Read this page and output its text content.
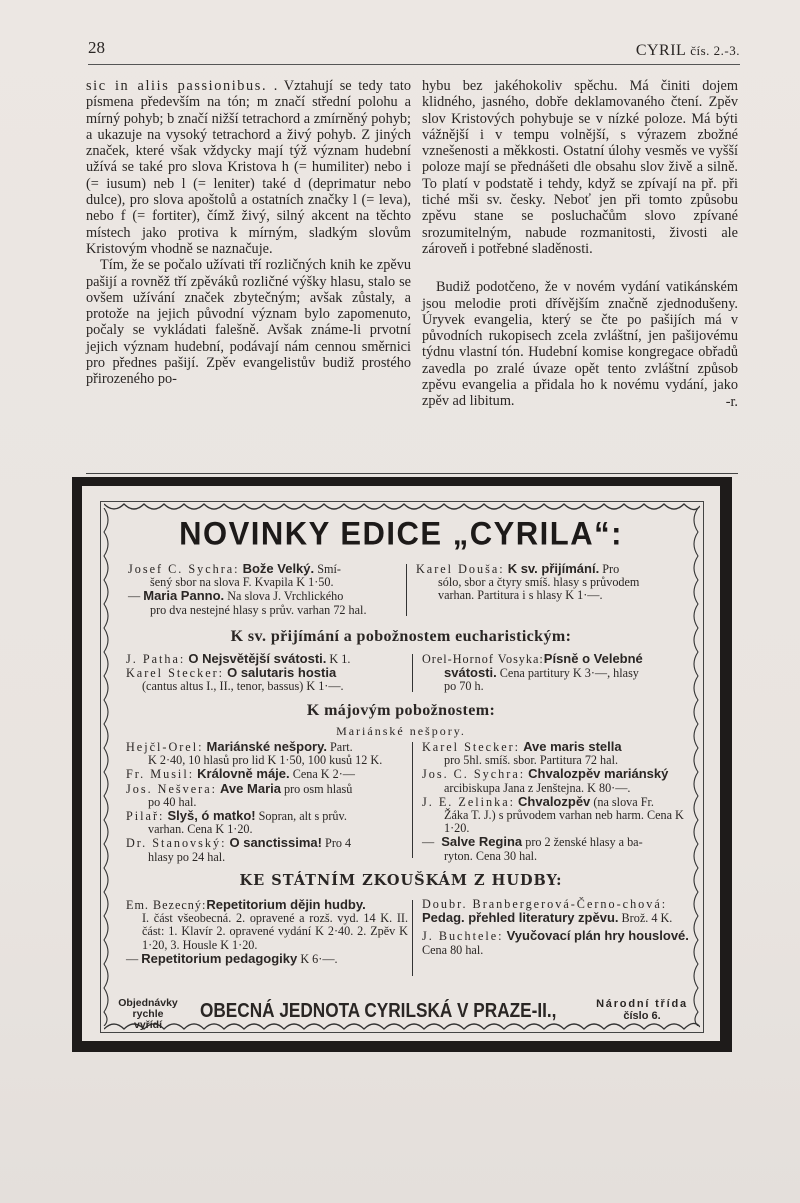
28	CYRIL čís. 2.-3.

sic in aliis passionibus. . Vztahují se tedy tato písmena především na tón; m značí střední polohu a mírný pohyb; b značí nižší tetrachord a zmírněný pohyb; a ukazuje na vysoký tetrachord a živý pohyb. Z jiných značek, které však vždycky mají týž význam hudební užívá se také pro slova Kristova h (= humiliter) nebo i (= iusum) neb l (= leniter) také d (deprimatur nebo dulce), pro slova apoštolů a ostatních značky l (= leva), nebo f (= fortiter), čímž živý, silný akcent na těchto místech jako protiva k mírným, sladkým slovům Kristovým vhodně se naznačuje.

Tím, že se počalo užívati tří rozličných knih ke zpěvu pašijí a rovněž tří zpěváků rozličné výšky hlasu, stalo se ovšem užívání značek zbytečným; avšak zůstaly, a protože na jejich původní význam bylo zapomenuto, počaly se vykládati falešně. Avšak známe-li prvotní jejich význam hudební, podávají nám cennou směrnici pro přednes pašijí. Zpěv evangelistův budiž prostého přirozeného po-

hybu bez jakéhokoliv spěchu. Má činiti dojem klidného, jasného, dobře deklamovaného čtení. Zpěv slov Kristových pohybuje se v nízké poloze. Má býti vážnější i v tempu volnější, s výrazem zbožné vznešenosti a měkkosti. Ostatní úlohy vesměs ve vyšší poloze mají se přednášeti dle obsahu slov živě a silně. To platí v podstatě i tehdy, když se zpívají na př. při tiché mši sv. česky. Neboť jen při tomto způsobu zpěvu stane se posluchačům slovo zpívané srozumitelným, nabude rozmanitosti, živosti ale zároveň i potřebné sladěnosti.

Budiž podotčeno, že v novém vydání vatikánském jsou melodie proti dřívějším značně zjednodušeny. Úryvek evangelia, který se čte po pašijích má v původních rukopisech zcela zvláštní, jen pašijovému týdnu vlastní tón. Hudební komise kongregace obřadů zavedla po zralé úvaze opět tento zvláštní způsob zpěvu evangelia a přidala ho k novému vydání, jako zpěv ad libitum.	-r.

NOVINKY EDICE „CYRILA“:
Josef C. Sychra: Bože Velký. Smí-
šený sbor na slova F. Kvapila K 1·50.
— Maria Panno. Na slova J. Vrchlického
pro dva nestejné hlasy s prův. varhan 72 hal.
Karel Douša: K sv. přijímání. Pro
sólo, sbor a čtyry smíš. hlasy s průvodem
varhan. Partitura i s hlasy K 1·—.
K sv. přijímání a pobožnostem eucharistickým:
J. Patha: O Nejsvětější svátosti. K 1.
Karel Stecker: O salutaris hostia
(cantus altus I., II., tenor, bassus) K 1·—.
Orel-Hornof Vosyka:Písně o Velebné
svátosti. Cena partitury K 3·—, hlasy
po 70 h.
K májovým pobožnostem:
Mariánské nešpory.
Hejčl-Orel: Mariánské nešpory. Part.
K 2·40, 10 hlasů pro lid K 1·50, 100 kusů 12 K.
Fr. Musil: Královně máje. Cena K 2·—
Jos. Nešvera: Ave Maria pro osm hlasů
po 40 hal.
Pilař: Slyš, ó matko! Sopran, alt s prův.
varhan. Cena K 1·20.
Dr. Stanovský: O sanctissima! Pro 4
hlasy po 24 hal.
Karel Stecker: Ave maris stella
pro 5hl. smíš. sbor. Partitura 72 hal.
Jos. C. Sychra: Chvalozpěv mariánský
arcibiskupa Jana z Jenštejna. K 80·—.
J. E. Zelinka: Chvalozpěv (na slova Fr.
Žáka T. J.) s průvodem varhan neb harm. Cena K 1·20.
— Salve Regina pro 2 ženské hlasy a ba-
ryton. Cena 30 hal.
KE STÁTNÍM ZKOUŠKÁM Z HUDBY:
Em. Bezecný:Repetitorium dějin hudby.
I. část všeobecná. 2. opravené a rozš. vyd. 14 K. II. část: 1. Klavír 2. opravené vydání K 2·40. 2. Zpěv K 1·20, 3. Housle K 1·20.
— Repetitorium pedagogiky K 6·—.
Doubr. Branbergerová-Černo-chová: Pedag. přehled literatury zpěvu. Brož. 4 K.
J. Buchtele: Vyučovací plán hry houslové. Cena 80 hal.
Objednávky rychle
vyřídí
OBECNÁ JEDNOTA CYRILSKÁ V PRAZE-II.,	Národní třída
číslo 6.
